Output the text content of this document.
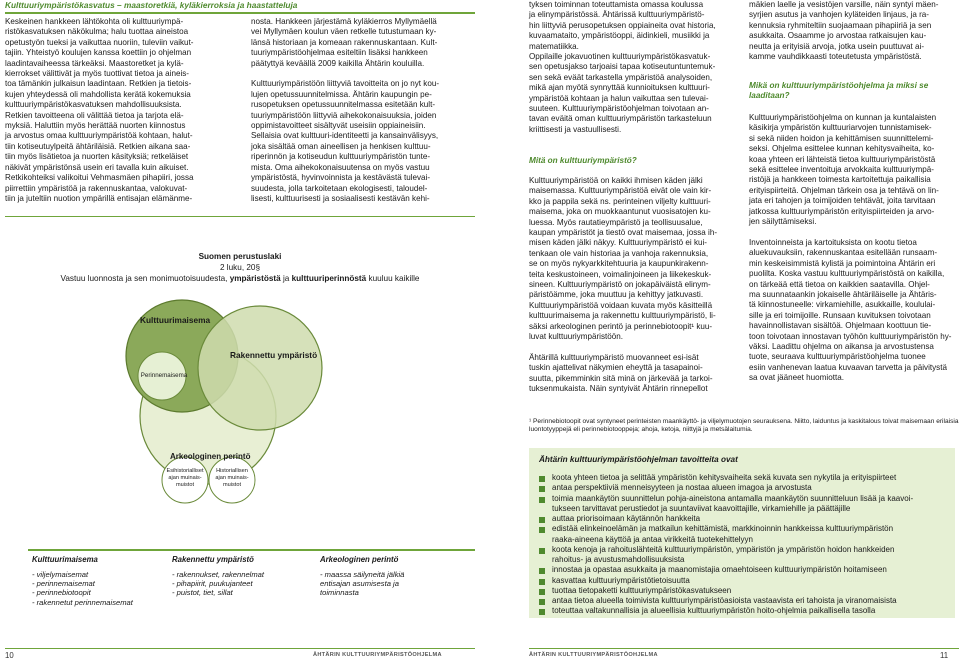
Kulttuuriympäristökasvatus – maastoretkiä, kyläkierroksia ja haastatteluja

Keskeinen hankkeen lähtökohta oli kulttuuriympä-
ristökasvatuksen näkökulma; halu tuottaa aineistoa
opetustyön tueksi ja vaikuttaa nuoriin, tuleviin vaikut-
tajiin. Yhteistyö koulujen kanssa koettiin jo ohjelman
laadintavaiheessa tärkeäksi. Maastoretket ja kylä-
kierrokset välittivät ja myös tuottivat tietoa ja aineis-
toa tämänkin julkaisun laadintaan. Retkien ja tietois-
kujen yhteydessä oli mahdollista kerätä kokemuksia
kulttuuriympäristökasvatuksen mahdollisuuksista.
Retkien tavoitteena oli välittää tietoa ja tarjota elä-
myksiä. Haluttiin myös herättää nuorten kiinnostus
ja arvostus omaa kulttuuriympäristöä kohtaan, halut-
tiin kotiseutuylpeitä ähtäriläisiä. Retkien aikana saa-
tiin myös lisätietoa ja nuorten käsityksiä; retkeläiset
näkivät ympäristönsä usein eri tavalla kuin aikuiset.
Retkikohteiksi valikoitui Vehmasmäen pihapiiri, jossa
piirrettiin ympäristöä ja rakennuskantaa, valokuvat-
tiin ja juteltiin nuotion ympärillä entisajan elämänme-

nosta. Hankkeen järjestämä kyläkierros Myllymäellä
vei Myllymäen koulun väen retkelle tutustumaan ky-
länsä historiaan ja komeaan rakennuskantaan. Kult-
tuuriympäristöohjelmaa esiteltiin lisäksi hankkeen
päätyttyä keväällä 2009 kaikilla Ähtärin kouluilla.

Kulttuuriympäristöön liittyviä tavoitteita on jo nyt kou-
lujen opetussuunnitelmissa. Ähtärin kaupungin pe-
rusopetuksen opetussuunnitelmassa esitetään kult-
tuuriympäristöön liittyviä aihekokonaisuuksia, joiden
oppimistavoitteet sisältyvät useisiin oppiaineisiin.
Sellaisia ovat kulttuuri-identiteetti ja kansainvälisyys,
joka sisältää oman aineellisen ja henkisen kulttuu-
riperinnön ja kotiseudun kulttuuriympäristön tunte-
mista. Oma aihekokonaisuutensa on myös vastuu
ympäristöstä, hyvinvoinnista ja kestävästä tulevai-
suudesta, jolla tarkoitetaan ekologisesti, taloudel-
lisesti, kulttuurisesti ja sosiaalisesti kestävän kehi-

Suomen perustuslaki
2 luku, 20§
Vastuu luonnosta ja sen monimuotoisuudesta, ympäristöstä ja kulttuuriperinnöstä kuuluu kaikille
Kulttuurimaisema
Perinnemaisema
Rakennettu ympäristö
Arkeologinen perintö
Esihistorialliset
ajan muinais-
muistot
Historiallisen
ajan muinais-
muistot

Kulttuurimaisema

- viljelymaisemat
- perinnemaisemat
- perinnebiotoopit
- rakennetut perinnemaisemat

Rakennettu ympäristö

- rakennukset, rakennelmat
- pihapiirit, puukujanteet
- puistot, tiet, sillat

Arkeologinen perintö

- maassa säilyneitä jälkiä
entisajan asumisesta ja
toiminnasta

10	ÄHTÄRIN KULTTUURIYMPÄRISTÖOHJELMA

tyksen toiminnan toteuttamista omassa koulussa
ja elinympäristössä. Ähtärissä kulttuuriympäristö-
hin liittyviä perusopetuksen oppiaineita ovat historia,
kuvaamataito, ympäristöoppi, äidinkieli, musiikki ja
matematiikka.
Oppilaille jokavuotinen kulttuuriympäristökasvatuk-
sen opetusjakso tarjoaisi tapaa kotiseutuntuntemuk-
sen sekä eväät tarkastella ympäristöä analysoiden,
mikä ajan myötä synnyttää kunnioituksen kulttuuri-
ympäristöä kohtaan ja halun vaikuttaa sen tulevai-
suuteen. Kulttuuriympäristöohjelman toivotaan an-
tavan eväitä oman kulttuuriympäristön tarkasteluun
kriittisesti ja vastuullisesti.

Mitä on kulttuuriympäristö?

Kulttuuriympäristöä on kaikki ihmisen käden jälki
maisemassa. Kulttuuriympäristöä eivät ole vain kir-
kko ja pappila sekä ns. perinteinen viljelty kulttuuri-
maisema, joka on muokkaantunut vuosisatojen ku-
luessa. Myös rautatieympäristö ja teollisuusalue,
kaupan ympäristöt ja tiestö ovat maisemaa, jossa ih-
misen käden jälki näkyy. Kulttuuriympäristö ei kui-
tenkaan ole vain historiaa ja vanhoja rakennuksia,
se on myös nykyarkkitehtuuria ja kaupunkirakenn-
teita keskustoineen, voimalinjoineen ja liikekeskuk-
sineen. Kulttuuriympäristö on jokapäiväistä elinym-
päristöämme, joka muuttuu ja kehittyy jatkuvasti.
Kulttuuriympäristöä voidaan kuvata myös käsitteillä
kulttuurimaisema ja rakennettu kulttuuriympäristö, li-
säksi arkeologinen perintö ja perinnebiotoopit¹ kuu-
luvat kulttuuriympäristöön.

Ähtärillä kulttuuriympäristö muovanneet esi-isät
tuskin ajattelivat näkymien eheyttä ja tasapainoi-
suutta, pikemminkin sitä minä on järkevää ja tarkoi-
tuksenmukaista. Näin syntyivät Ähtärin rinnepellot

mäkien laelle ja vesistöjen varsille, näin syntyi mäen-
syrjien asutus ja vanhojen kyläteiden linjaus, ja ra-
kennuksia ryhmiteltiin suojaamaan pihapiiriä ja sen
asukkaita. Osaamme jo arvostaa ratkaisujen kau-
neutta ja erityisiä arvoja, jotka usein puuttuvat ai-
kamme vauhdikkaasti toteutetusta ympäristöstä.

Mikä on kulttuuriympäristöohjelma ja miksi se
laaditaan?

Kulttuuriympäristöohjelma on kunnan ja kuntalaisten
käsikirja ympäristön kulttuuriarvojen tunnistamisek-
si sekä niiden hoidon ja kehittämisen suunnittelemi-
seksi. Ohjelma esittelee kunnan kehitysvaiheita, ko-
koaa yhteen eri lähteistä tietoa kulttuuriympäristöstä
sekä esittelee inventoituja arvokkaita kulttuuriympä-
ristöjä ja hankkeen toimesta kartoitettuja paikallisia
erityispiirteitä. Ohjelman tärkein osa ja tehtävä on lin-
jata eri tahojen ja toimijoiden tehtävät, joita tarvitaan
jatkossa kulttuuriympäristön erityispiirteiden ja arvo-
jen säilyttämiseksi.

Inventoinneista ja kartoituksista on kootu tietoa
aluekuvauksiin, rakennuskantaa esitellään runsaam-
min keskeisimmistä kylistä ja poimintoina Ähtärin eri
puolilta. Koska vastuu kulttuuriympäristöstä on kaikilla,
on tärkeää että tietoa on kaikkien saatavilla. Ohjel-
ma suunnataankin jokaiselle ähtäriläiselle ja Ähtäris-
tä kiinnostuneelle: virkamiehille, asukkaille, koululai-
sille ja eri toimijoille. Runsaan kuvituksen toivotaan
havainnollistavan sisältöä. Ohjelmaan koottuun tie-
toon toivotaan innostavan työhön kulttuuriympäristön hy-
väksi. Laadittu ohjelma on aikansa ja arvostustensa
tuote, seuraava kulttuuriympäristöohjelma tuonee
esiin vanhenevan laatua kuvaavan tarvetta ja päivitystä
sa ovat jääneet huomiotta.

¹ Perinnebiotoopit ovat syntyneet perinteisten maankäyttö- ja viljelymuotojen seurauksena. Niitto, laiduntus ja kaskitalous toivat maisemaan erilaisia
luontotyyppejä eli perinnebiotooppeja; ahoja, ketoja, niittyjä ja metsälaitumia.

Ähtärin kulttuuriympäristöohjelman tavoitteita ovat

koota yhteen tietoa ja selittää ympäristön kehitysvaiheita sekä kuvata sen nykytila ja erityispiirteet
antaa perspektiiviä menneisyyteen ja nostaa alueen imagoa ja arvostusta
toimia maankäytön suunnittelun pohja-aineistona antamalla maankäytön suunnitteluun lisää ja kaavoi-
tukseen tarvittavat perustiedot ja suuntaviivat kaavoittajille, virkamiehille ja päättäjille
auttaa priorisoimaan käytännön hankkeita
edistää elinkeinoelämän ja matkailun kehittämistä, markkinoinnin hankkeissa kulttuuriympäristön
raaka-aineena käyttöä ja antaa virikkeitä tuotekehittelyyn
koota kenoja ja rahoituslähteitä kulttuuriympäristön, ympäristön ja ympäristön hoidon hankkeiden
rahoitus- ja avustusmahdollisuuksista
innostaa ja opastaa asukkaita ja maanomistajia omaehtoiseen kulttuuriympäristön hoitamiseen
kasvattaa kulttuuriympäristötietoisuutta
tuottaa tietopaketti kulttuuriympäristökasvatukseen
antaa tietoa alueella toimivista kulttuuriympäristöasioista vastaavista eri tahoista ja viranomaisista
toteuttaa valtakunnallisia ja alueellisia kulttuuriympäristön hoito-ohjelmia paikallisella tasolla
ÄHTÄRIN KULTTUURIYMPÄRISTÖOHJELMA	11
